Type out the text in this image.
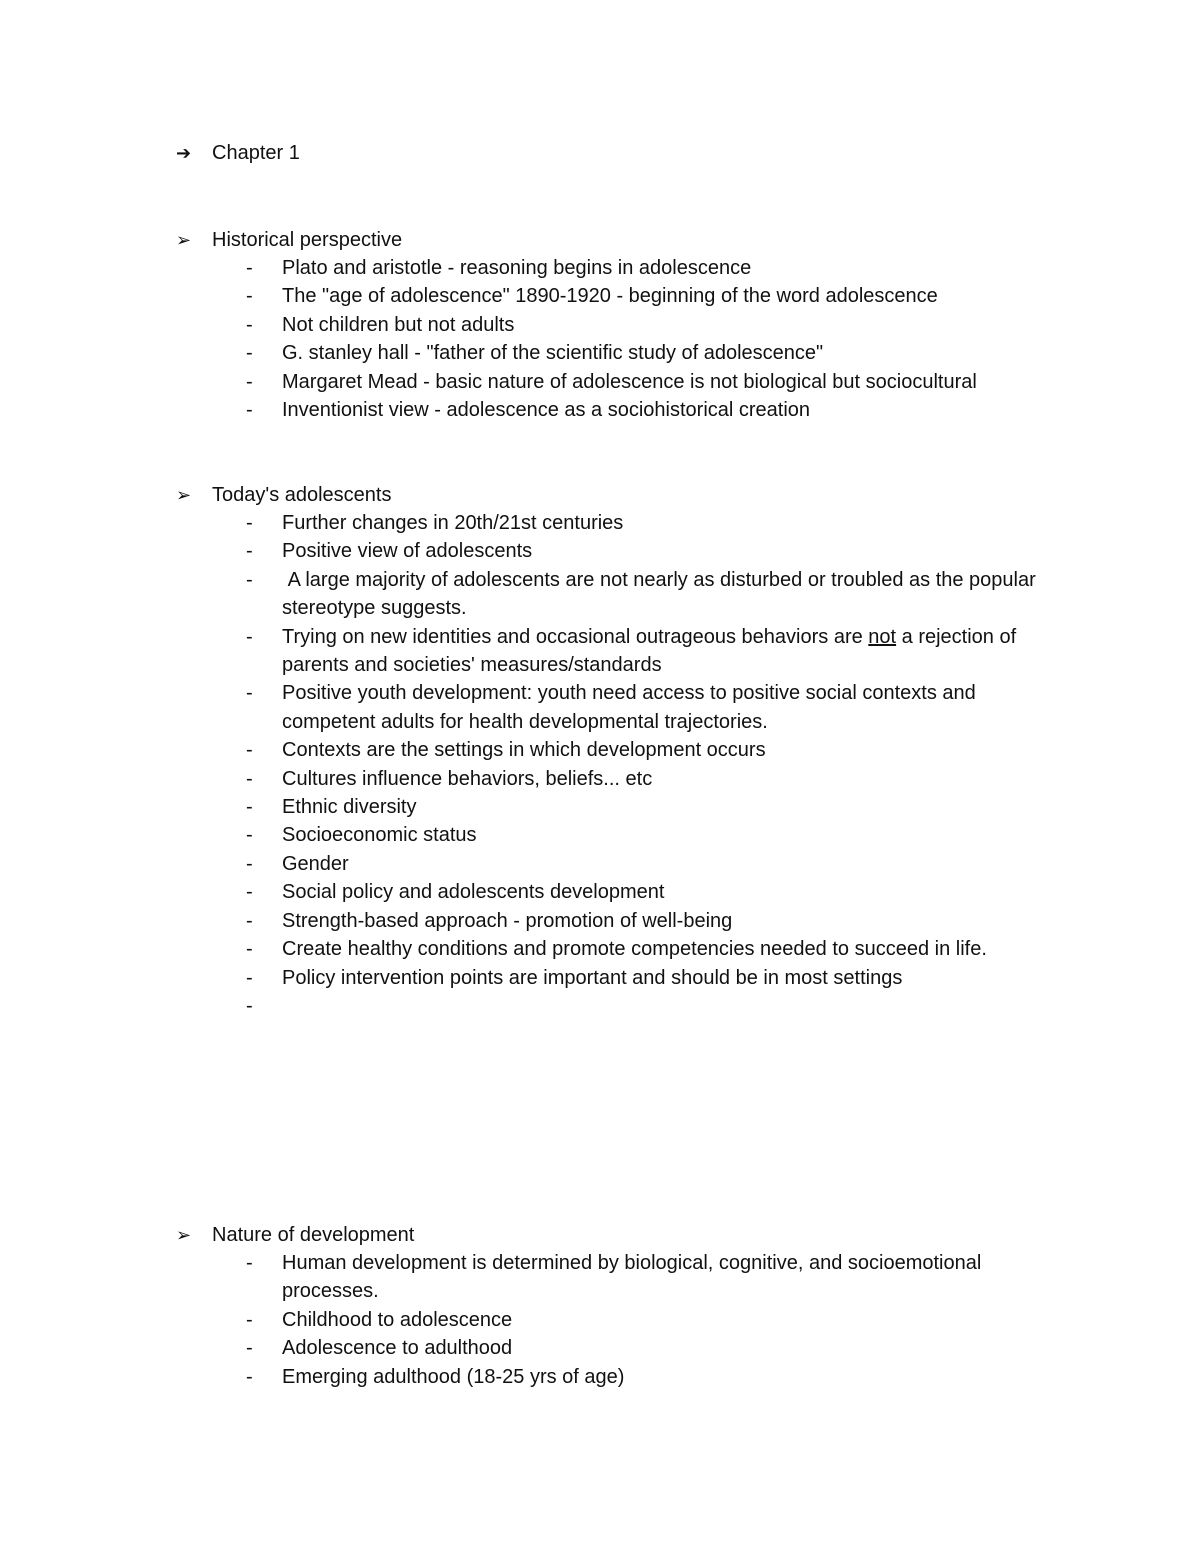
➔	Chapter 1
➢	Historical perspective
- Plato and aristotle - reasoning begins in adolescence
- The "age of adolescence" 1890-1920 - beginning of the word adolescence
- Not children but not adults
- G. stanley hall - "father of the scientific study of adolescence"
- Margaret Mead - basic nature of adolescence is not biological but sociocultural
- Inventionist view - adolescence as a sociohistorical creation
➢	Today's adolescents
- Further changes in 20th/21st centuries
- Positive view of adolescents
- A large majority of adolescents are not nearly as disturbed or troubled as the popular stereotype suggests.
- Trying on new identities and occasional outrageous behaviors are not a rejection of parents and societies' measures/standards
- Positive youth development: youth need access to positive social contexts and competent adults for health developmental trajectories.
- Contexts are the settings in which development occurs
- Cultures influence behaviors, beliefs... etc
- Ethnic diversity
- Socioeconomic status
- Gender
- Social policy and adolescents development
- Strength-based approach - promotion of well-being
- Create healthy conditions and promote competencies needed to succeed in life.
- Policy intervention points are important and should be in most settings
-
➢	Nature of development
- Human development is determined by biological, cognitive, and socioemotional processes.
- Childhood to adolescence
- Adolescence to adulthood
- Emerging adulthood (18-25 yrs of age)
